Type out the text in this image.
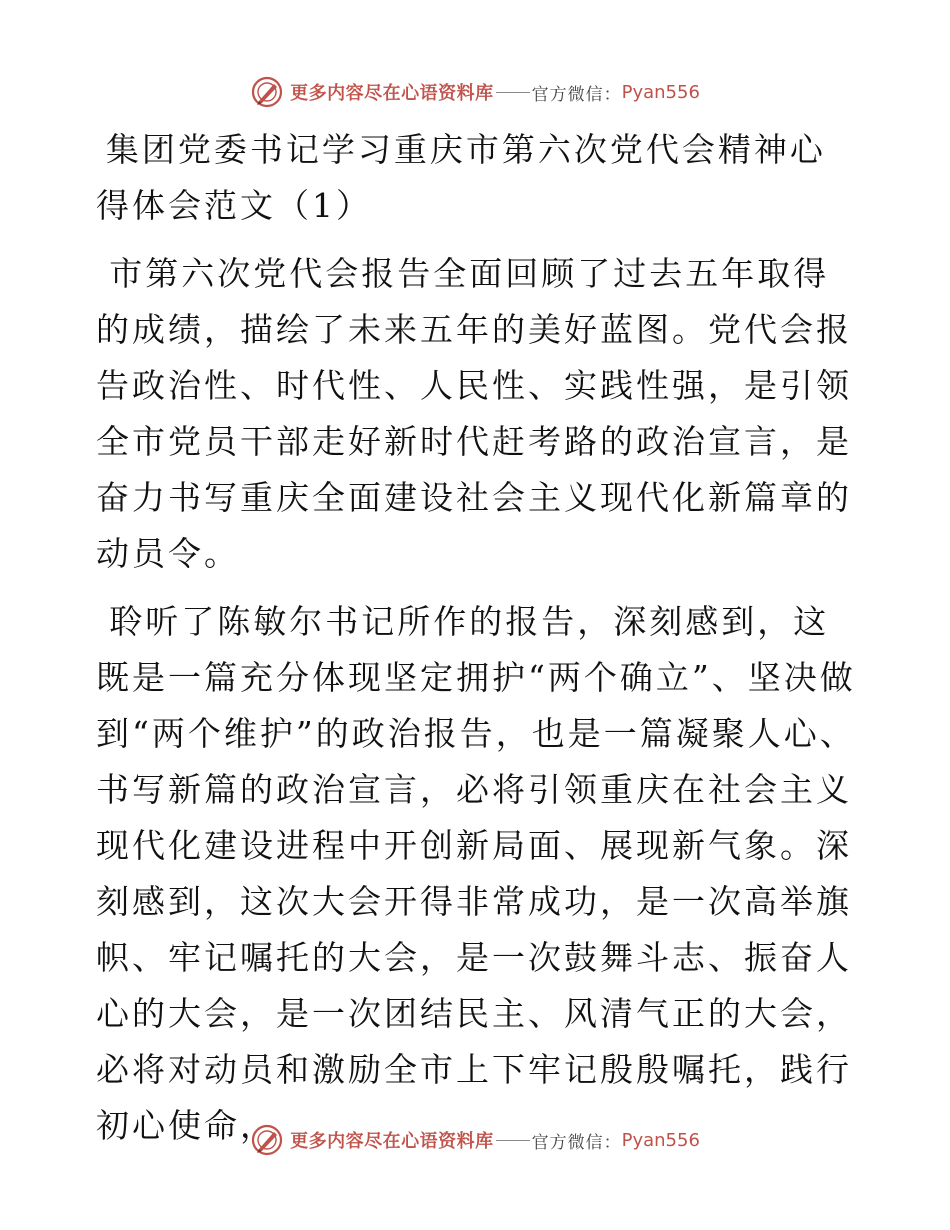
更多内容尽在心语资料库 官方微信： Pyan556
集团党委书记学习重庆市第六次党代会精神心得体会范文（1）

市第六次党代会报告全面回顾了过去五年取得的成绩，描绘了未来五年的美好蓝图。党代会报告政治性、时代性、人民性、实践性强，是引领全市党员干部走好新时代赶考路的政治宣言，是奋力书写重庆全面建设社会主义现代化新篇章的动员令。

聆听了陈敏尔书记所作的报告，深刻感到，这既是一篇充分体现坚定拥护“两个确立”、坚决做到“两个维护”的政治报告，也是一篇凝聚人心、书写新篇的政治宣言，必将引领重庆在社会主义现代化建设进程中开创新局面、展现新气象。深刻感到，这次大会开得非常成功，是一次高举旗帜、牢记嘱托的大会，是一次鼓舞斗志、振奋人心的大会，是一次团结民主、风清气正的大会，必将对动员和激励全市上下牢记殷殷嘱托，践行初心使命， 更多内容尽在心语资料库 官方微信： Pyan556
